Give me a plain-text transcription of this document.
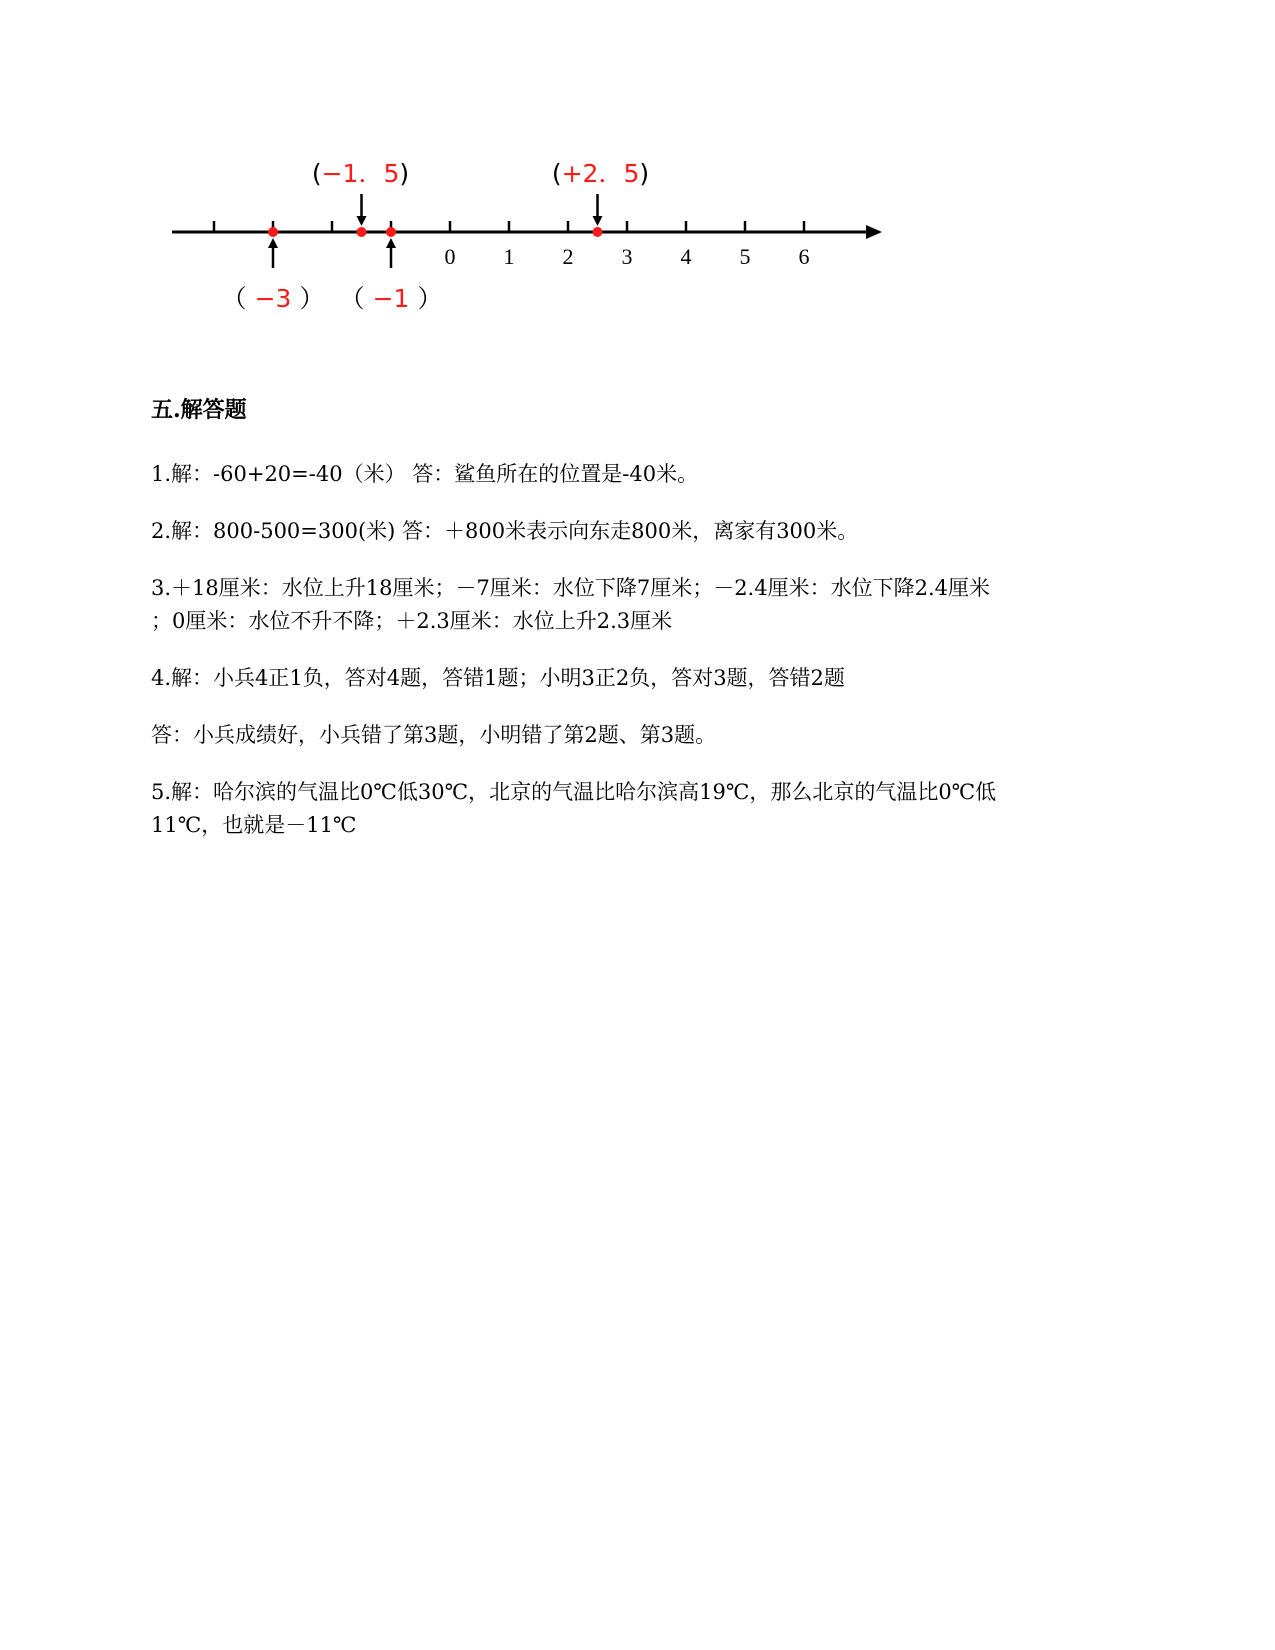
0 1 2 3 4 5 6
(−1．5)	(+2．5)
（ −3 ） （ −1 ）
五.解答题
1.解：-60+20=-40（米） 答：鲨鱼所在的位置是-40米。
2.解：800-500=300(米) 答：＋800米表示向东走800米，离家有300米。
3.＋18厘米：水位上升18厘米；－7厘米：水位下降7厘米；－2.4厘米：水位下降2.4厘米
；0厘米：水位不升不降；＋2.3厘米：水位上升2.3厘米
4.解：小兵4正1负，答对4题，答错1题；小明3正2负，答对3题，答错2题
答：小兵成绩好，小兵错了第3题，小明错了第2题、第3题。
5.解：哈尔滨的气温比0℃低30℃，北京的气温比哈尔滨高19℃，那么北京的气温比0℃低
11℃，也就是－11℃
